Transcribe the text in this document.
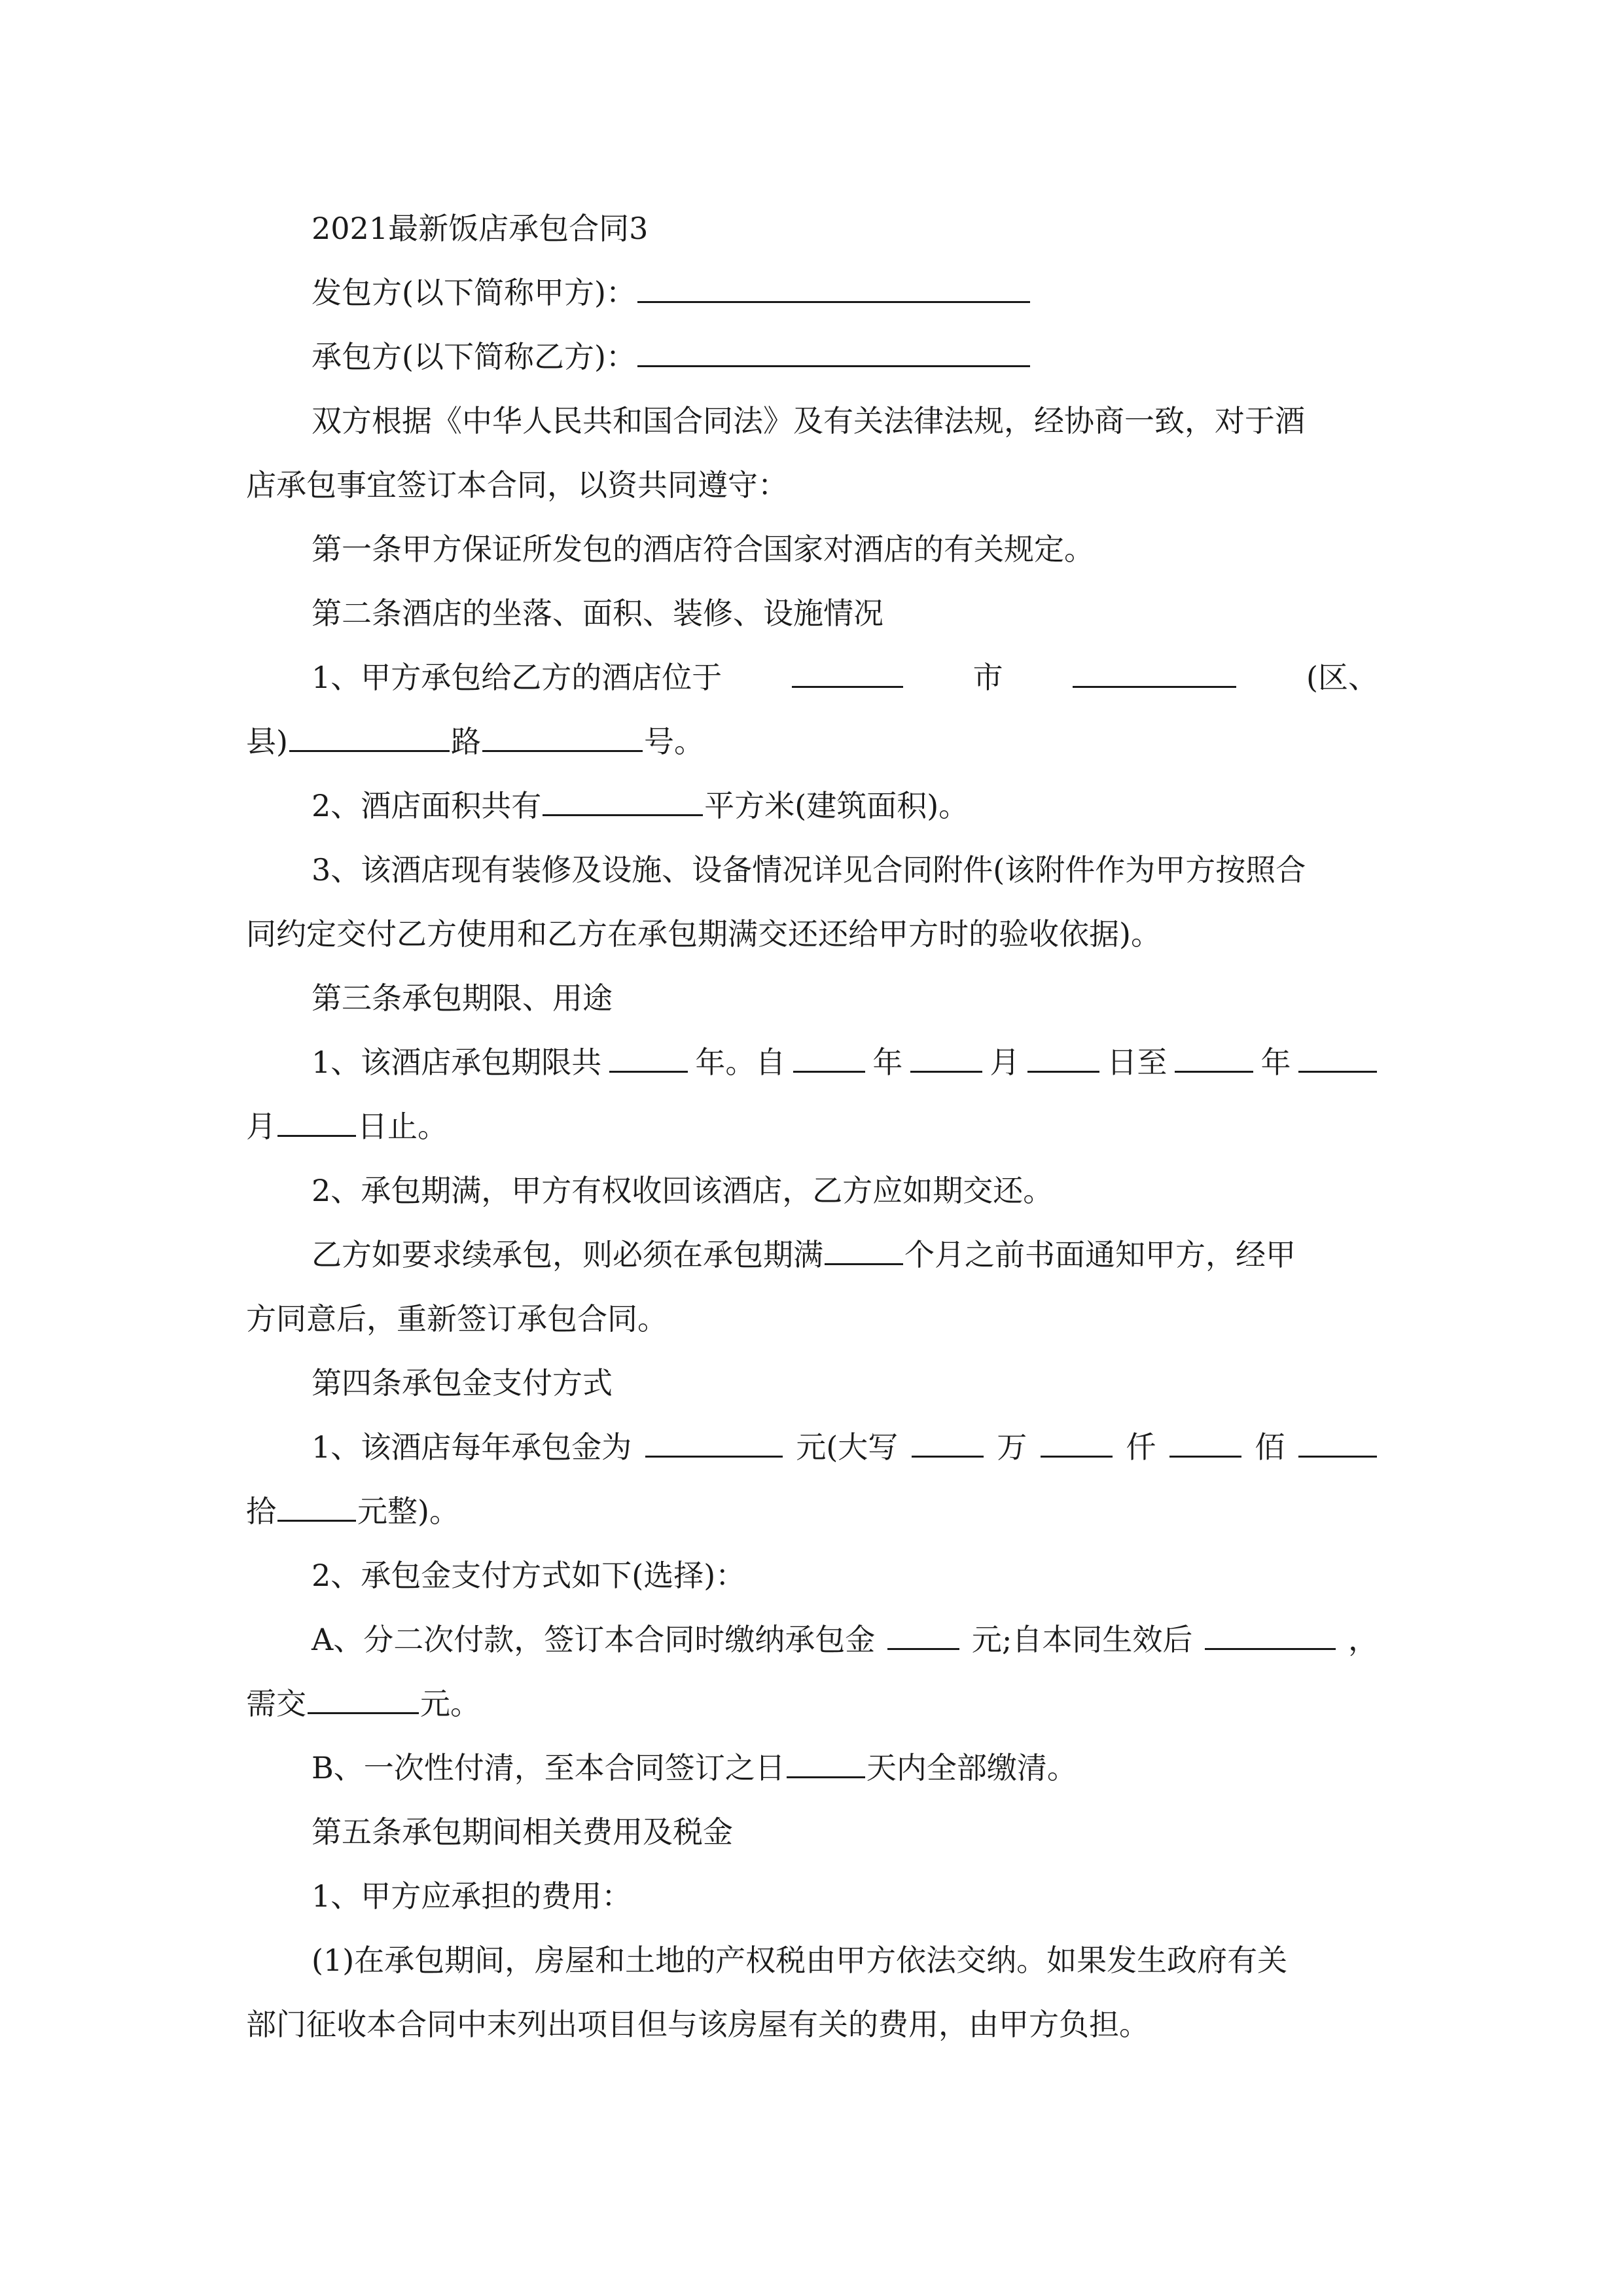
2021最新饭店承包合同3
发包方(以下简称甲方)：
承包方(以下简称乙方)：
双方根据《中华人民共和国合同法》及有关法律法规，经协商一致，对于酒
店承包事宜签订本合同，以资共同遵守：
第一条甲方保证所发包的酒店符合国家对酒店的有关规定。
第二条酒店的坐落、面积、装修、设施情况
1、甲方承包给乙方的酒店位于	市	(区、
县)	路	号。
2、酒店面积共有	平方米(建筑面积)。
3、该酒店现有装修及设施、设备情况详见合同附件(该附件作为甲方按照合
同约定交付乙方使用和乙方在承包期满交还还给甲方时的验收依据)。
第三条承包期限、用途
1、该酒店承包期限共	年。自	年	月	日至	年
月	日止。
2、承包期满，甲方有权收回该酒店，乙方应如期交还。
乙方如要求续承包，则必须在承包期满	个月之前书面通知甲方，经甲
方同意后，重新签订承包合同。
第四条承包金支付方式
1、该酒店每年承包金为	元(大写	万	仟	佰
拾	元整)。
2、承包金支付方式如下(选择)：
A、分二次付款，签订本合同时缴纳承包金	元;自本同生效后	，
需交	元。
B、一次性付清，至本合同签订之日	天内全部缴清。
第五条承包期间相关费用及税金
1、甲方应承担的费用：
(1)在承包期间，房屋和土地的产权税由甲方依法交纳。如果发生政府有关
部门征收本合同中末列出项目但与该房屋有关的费用，由甲方负担。
